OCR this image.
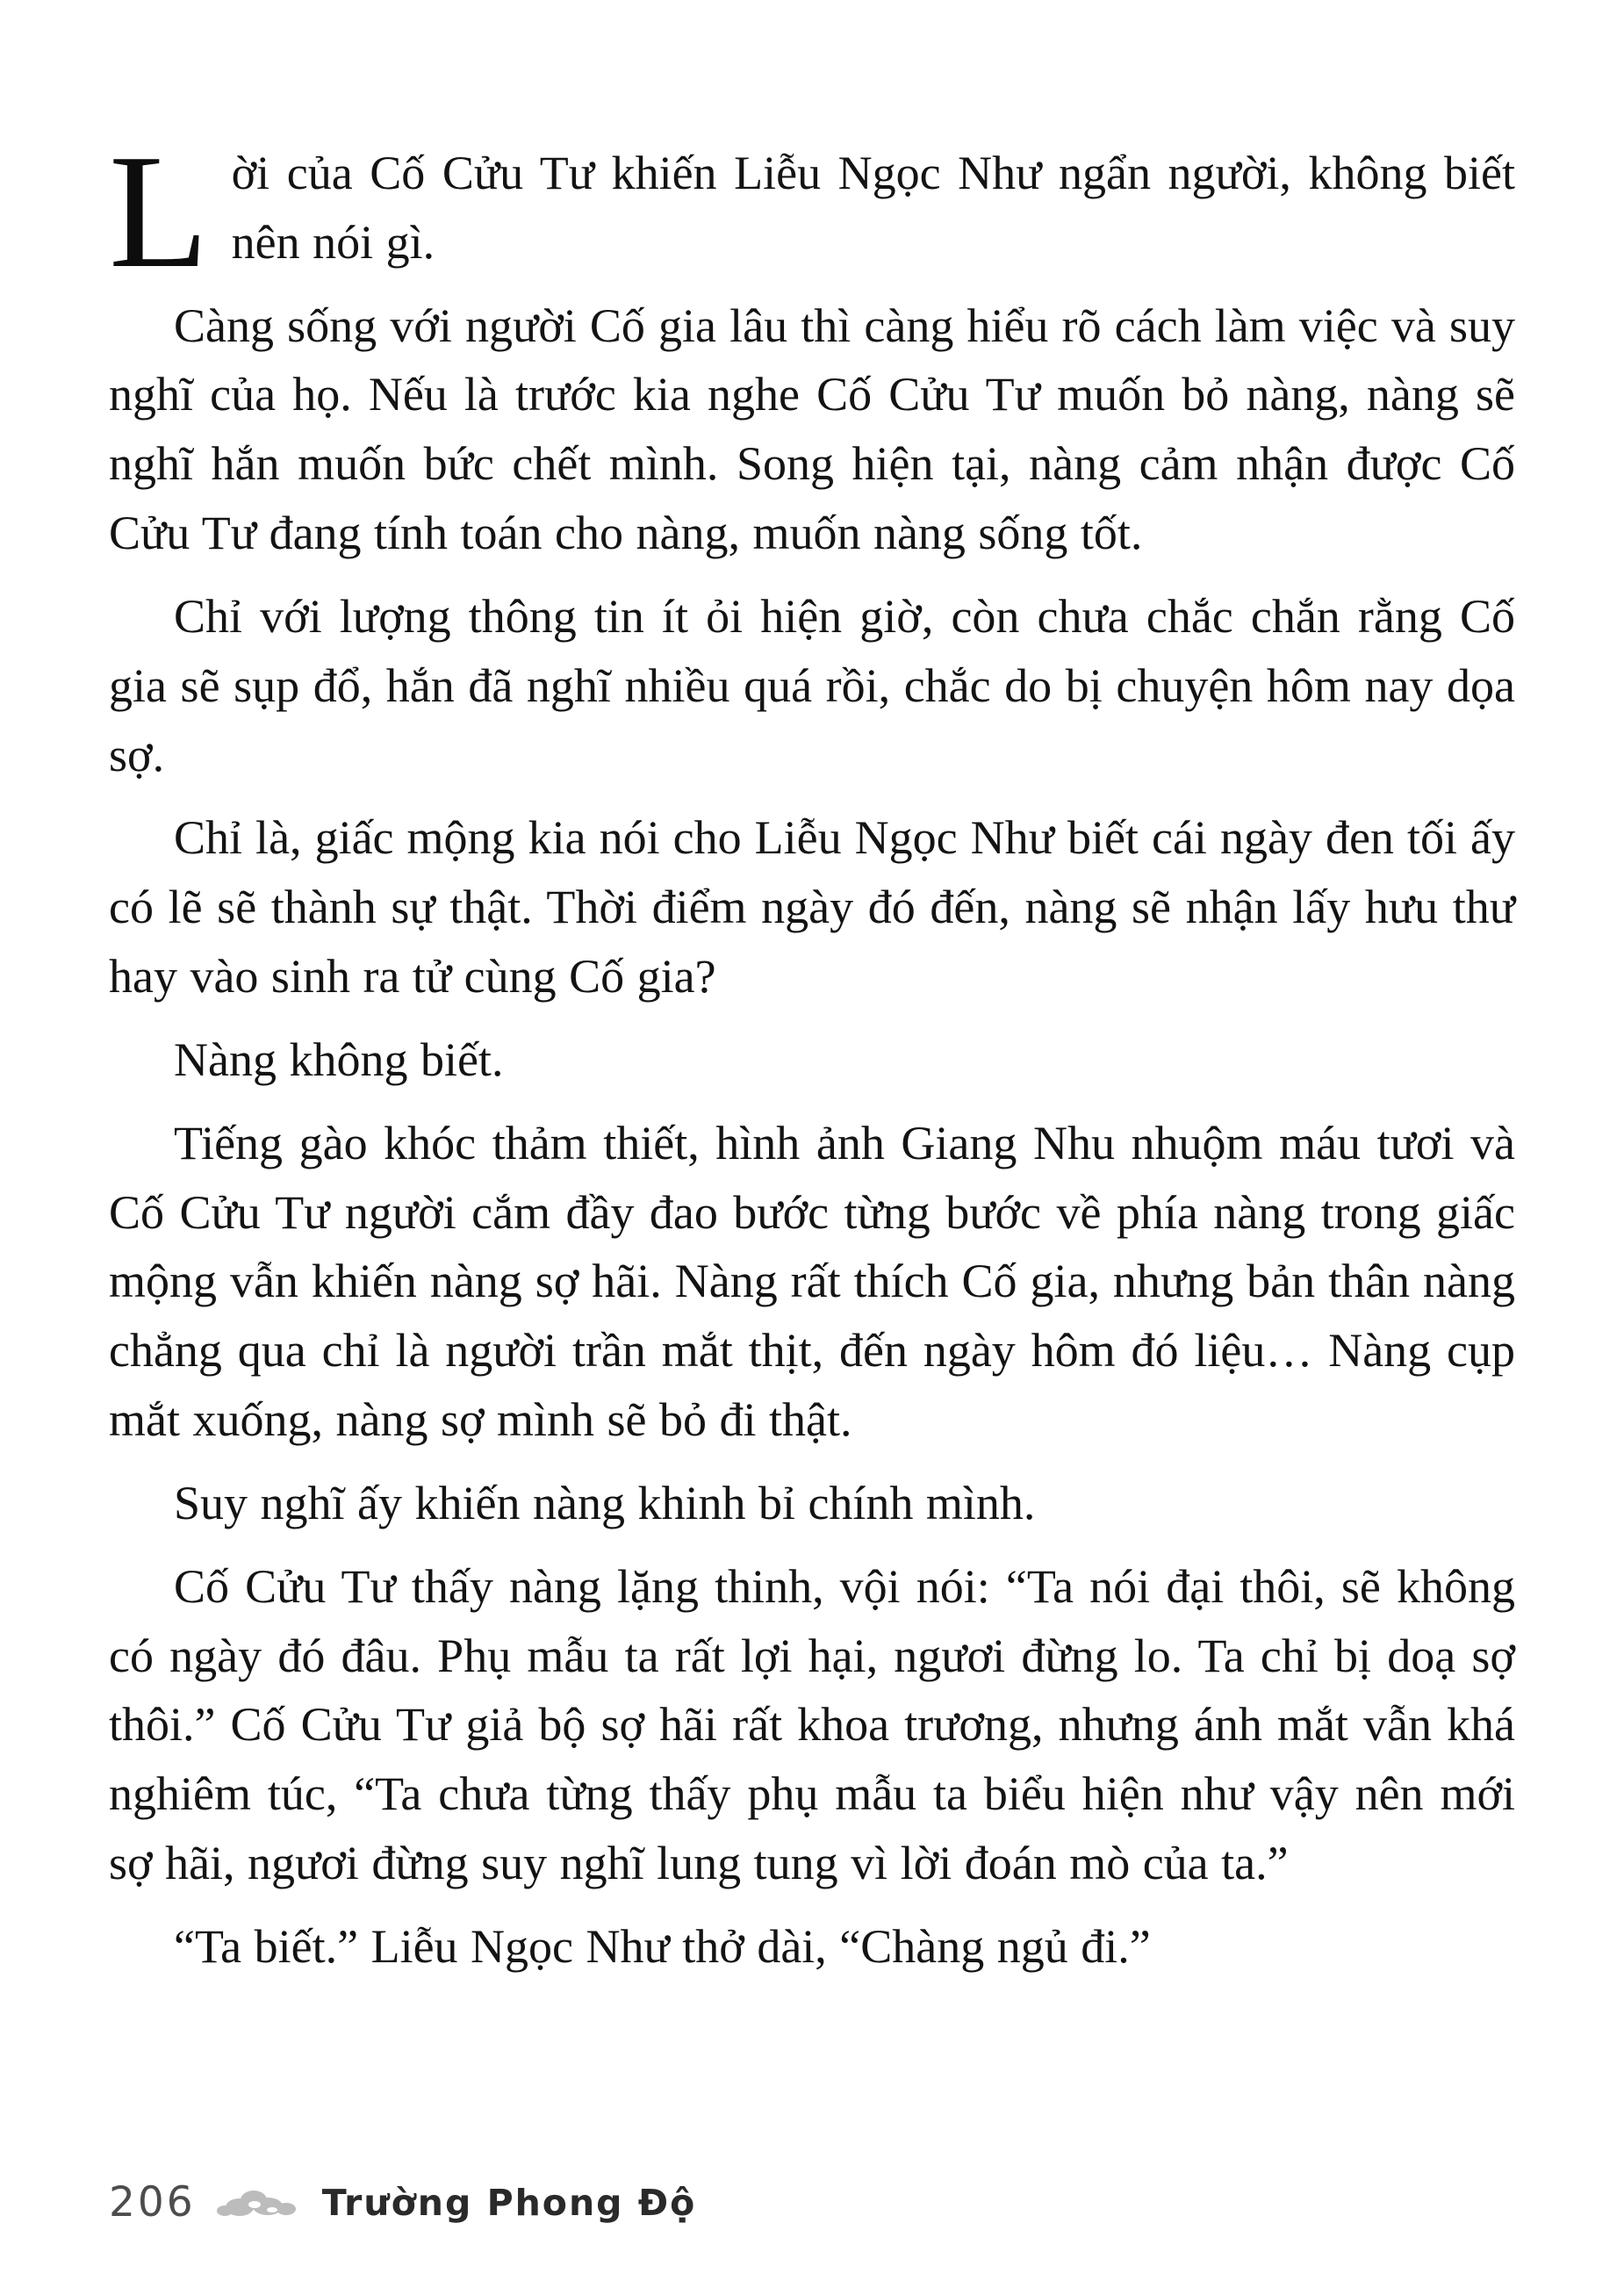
Lời của Cố Cửu Tư khiến Liễu Ngọc Như ngẩn người, không biết nên nói gì.

Càng sống với người Cố gia lâu thì càng hiểu rõ cách làm việc và suy nghĩ của họ. Nếu là trước kia nghe Cố Cửu Tư muốn bỏ nàng, nàng sẽ nghĩ hắn muốn bức chết mình. Song hiện tại, nàng cảm nhận được Cố Cửu Tư đang tính toán cho nàng, muốn nàng sống tốt.

Chỉ với lượng thông tin ít ỏi hiện giờ, còn chưa chắc chắn rằng Cố gia sẽ sụp đổ, hắn đã nghĩ nhiều quá rồi, chắc do bị chuyện hôm nay dọa sợ.

Chỉ là, giấc mộng kia nói cho Liễu Ngọc Như biết cái ngày đen tối ấy có lẽ sẽ thành sự thật. Thời điểm ngày đó đến, nàng sẽ nhận lấy hưu thư hay vào sinh ra tử cùng Cố gia?

Nàng không biết.

Tiếng gào khóc thảm thiết, hình ảnh Giang Nhu nhuộm máu tươi và Cố Cửu Tư người cắm đầy đao bước từng bước về phía nàng trong giấc mộng vẫn khiến nàng sợ hãi. Nàng rất thích Cố gia, nhưng bản thân nàng chẳng qua chỉ là người trần mắt thịt, đến ngày hôm đó liệu… Nàng cụp mắt xuống, nàng sợ mình sẽ bỏ đi thật.

Suy nghĩ ấy khiến nàng khinh bỉ chính mình.

Cố Cửu Tư thấy nàng lặng thinh, vội nói: “Ta nói đại thôi, sẽ không có ngày đó đâu. Phụ mẫu ta rất lợi hại, ngươi đừng lo. Ta chỉ bị doạ sợ thôi.” Cố Cửu Tư giả bộ sợ hãi rất khoa trương, nhưng ánh mắt vẫn khá nghiêm túc, “Ta chưa từng thấy phụ mẫu ta biểu hiện như vậy nên mới sợ hãi, ngươi đừng suy nghĩ lung tung vì lời đoán mò của ta.”

“Ta biết.” Liễu Ngọc Như thở dài, “Chàng ngủ đi.”

206	Trường Phong Độ
